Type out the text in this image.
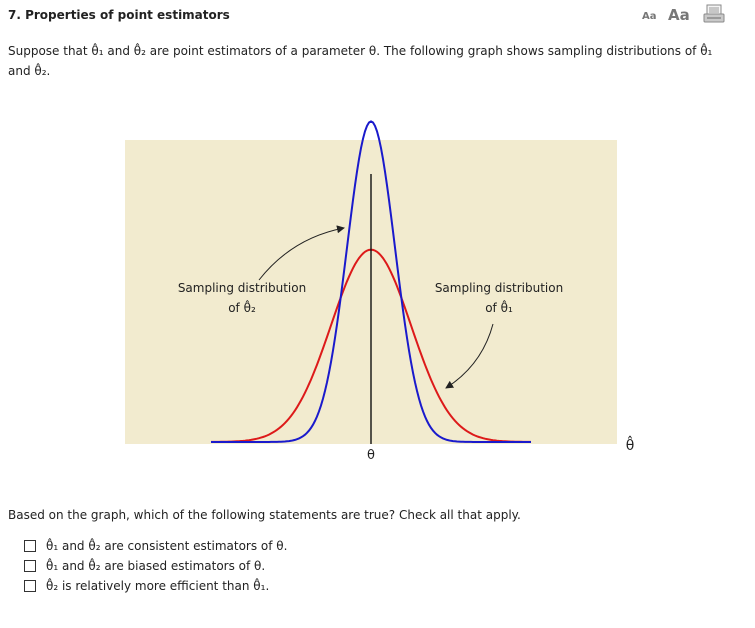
7. Properties of point estimators	Aa Aa
Suppose that θ̂₁ and θ̂₂ are point estimators of a parameter θ. The following graph shows sampling distributions of θ̂₁
and θ̂₂.
θ
θ̂
Sampling distribution
of θ̂₂
Sampling distribution
of θ̂₁
Based on the graph, which of the following statements are true? Check all that apply.
θ̂₁ and θ̂₂ are consistent estimators of θ.
θ̂₁ and θ̂₂ are biased estimators of θ.
θ̂₂ is relatively more efficient than θ̂₁.
